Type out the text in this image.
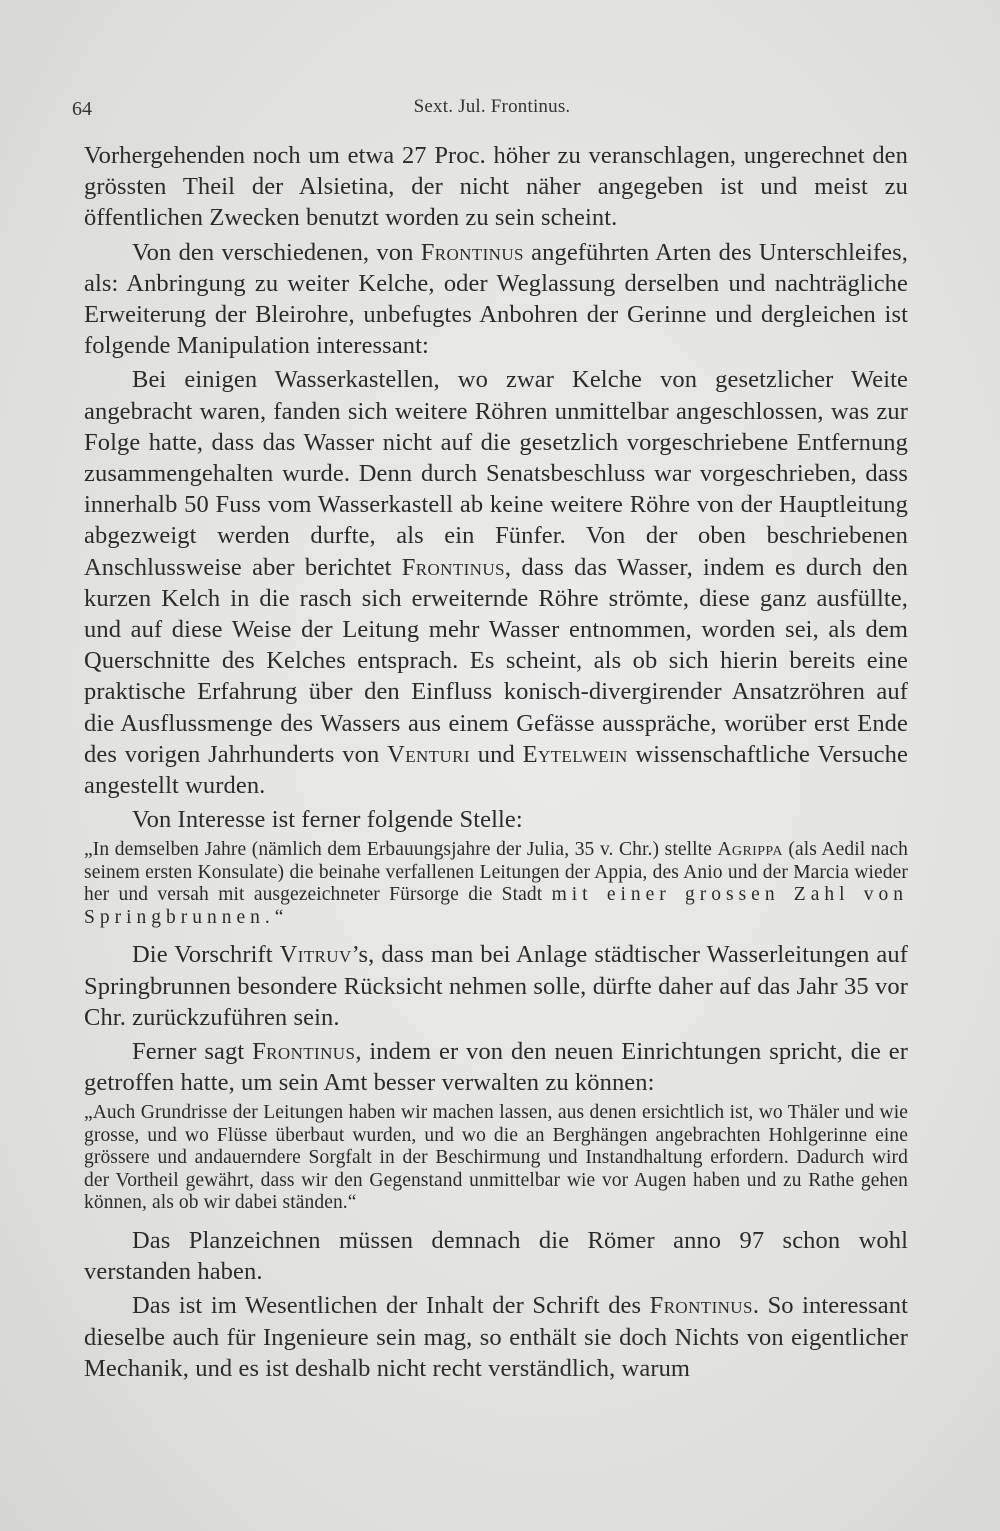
64	Sext. Jul. Frontinus.

Vorhergehenden noch um etwa 27 Proc. höher zu veranschlagen, ungerechnet den grössten Theil der Alsietina, der nicht näher angegeben ist und meist zu öffentlichen Zwecken benutzt worden zu sein scheint.

Von den verschiedenen, von Frontinus angeführten Arten des Unterschleifes, als: Anbringung zu weiter Kelche, oder Weglassung derselben und nachträgliche Erweiterung der Bleirohre, unbefugtes Anbohren der Gerinne und dergleichen ist folgende Manipulation interessant:

Bei einigen Wasserkastellen, wo zwar Kelche von gesetzlicher Weite angebracht waren, fanden sich weitere Röhren unmittelbar angeschlossen, was zur Folge hatte, dass das Wasser nicht auf die gesetzlich vorgeschriebene Entfernung zusammengehalten wurde. Denn durch Senatsbeschluss war vorgeschrieben, dass innerhalb 50 Fuss vom Wasserkastell ab keine weitere Röhre von der Hauptleitung abgezweigt werden durfte, als ein Fünfer. Von der oben beschriebenen Anschlussweise aber berichtet Frontinus, dass das Wasser, indem es durch den kurzen Kelch in die rasch sich erweiternde Röhre strömte, diese ganz ausfüllte, und auf diese Weise der Leitung mehr Wasser entnommen, worden sei, als dem Querschnitte des Kelches entsprach. Es scheint, als ob sich hierin bereits eine praktische Erfahrung über den Einfluss konisch-divergirender Ansatzröhren auf die Ausflussmenge des Wassers aus einem Gefässe ausspräche, worüber erst Ende des vorigen Jahrhunderts von Venturi und Eytelwein wissenschaftliche Versuche angestellt wurden.

Von Interesse ist ferner folgende Stelle:

„In demselben Jahre (nämlich dem Erbauungsjahre der Julia, 35 v. Chr.) stellte Agrippa (als Aedil nach seinem ersten Konsulate) die beinahe verfallenen Leitungen der Appia, des Anio und der Marcia wieder her und versah mit ausgezeichneter Fürsorge die Stadt mit einer grossen Zahl von Springbrunnen.“

Die Vorschrift Vitruv’s, dass man bei Anlage städtischer Wasserleitungen auf Springbrunnen besondere Rücksicht nehmen solle, dürfte daher auf das Jahr 35 vor Chr. zurückzuführen sein.

Ferner sagt Frontinus, indem er von den neuen Einrichtungen spricht, die er getroffen hatte, um sein Amt besser verwalten zu können:

„Auch Grundrisse der Leitungen haben wir machen lassen, aus denen ersichtlich ist, wo Thäler und wie grosse, und wo Flüsse überbaut wurden, und wo die an Berghängen angebrachten Hohlgerinne eine grössere und andauerndere Sorgfalt in der Beschirmung und Instandhaltung erfordern. Dadurch wird der Vortheil gewährt, dass wir den Gegenstand unmittelbar wie vor Augen haben und zu Rathe gehen können, als ob wir dabei ständen.“

Das Planzeichnen müssen demnach die Römer anno 97 schon wohl verstanden haben.

Das ist im Wesentlichen der Inhalt der Schrift des Frontinus. So interessant dieselbe auch für Ingenieure sein mag, so enthält sie doch Nichts von eigentlicher Mechanik, und es ist deshalb nicht recht verständlich, warum
